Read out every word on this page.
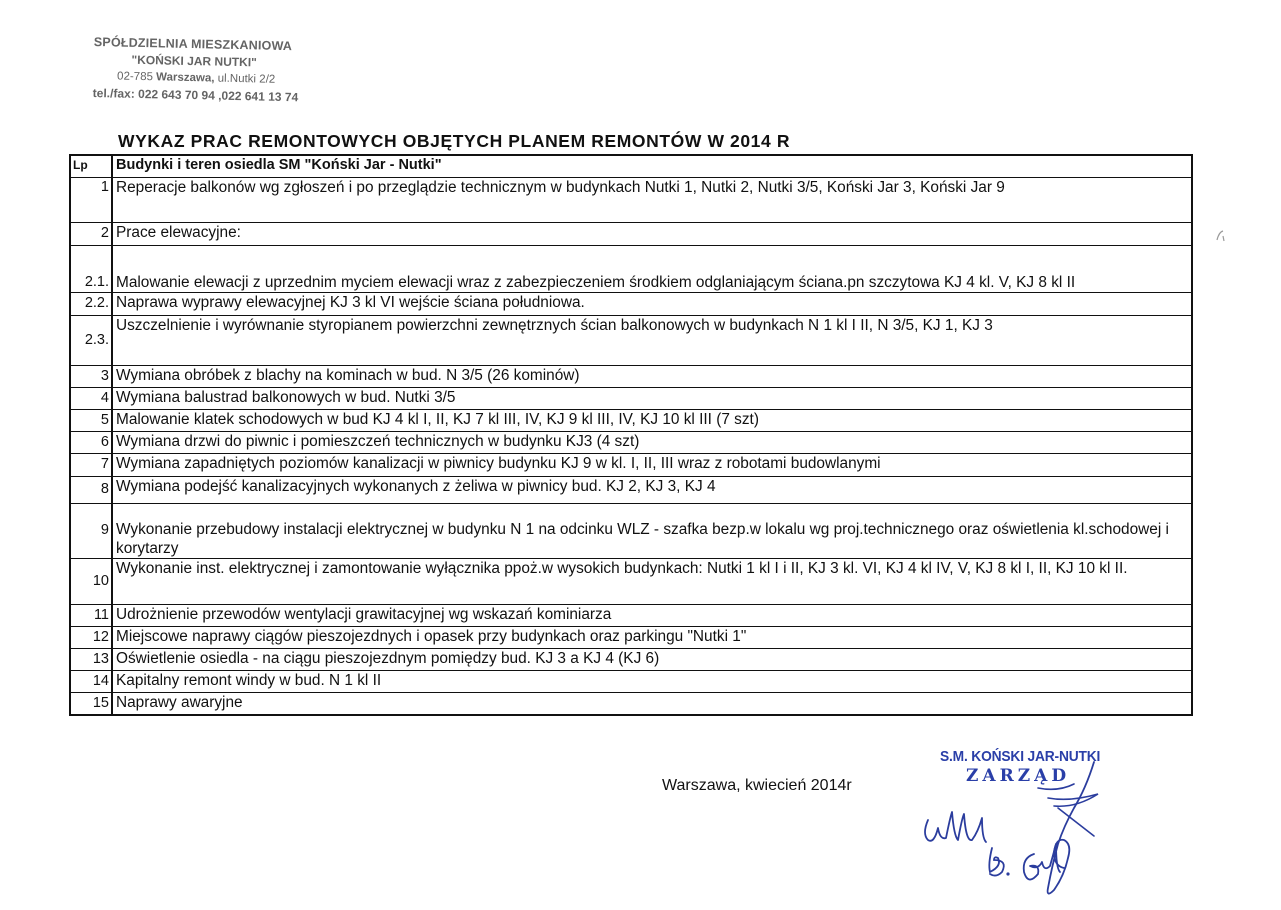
SPÓŁDZIELNIA MIESZKANIOWA
"KOŃSKI JAR NUTKI"
02-785 Warszawa, ul.Nutki 2/2
tel./fax: 022 643 70 94 ,022 641 13 74
WYKAZ PRAC REMONTOWYCH OBJĘTYCH PLANEM REMONTÓW W 2014 R
Lp	Budynki i teren osiedla SM "Koński Jar - Nutki"
1	Reperacje balkonów wg zgłoszeń i po przeglądzie technicznym w budynkach Nutki 1, Nutki 2, Nutki 3/5, Koński Jar 3, Koński Jar 9
2	Prace elewacyjne:
2.1.	Malowanie elewacji z uprzednim myciem elewacji wraz z zabezpieczeniem środkiem odglaniającym ściana.pn szczytowa KJ 4 kl. V, KJ 8 kl II
2.2.	Naprawa wyprawy elewacyjnej KJ 3 kl VI wejście ściana południowa.
2.3.	Uszczelnienie i wyrównanie styropianem powierzchni zewnętrznych ścian balkonowych w budynkach N 1 kl I II, N 3/5, KJ 1, KJ 3
3	Wymiana obróbek z blachy na kominach w bud. N 3/5 (26 kominów)
4	Wymiana balustrad balkonowych w bud. Nutki 3/5
5	Malowanie klatek schodowych w bud KJ 4 kl I, II, KJ 7 kl III, IV, KJ 9 kl III, IV, KJ 10 kl III (7 szt)
6	Wymiana drzwi do piwnic i pomieszczeń technicznych w budynku KJ3 (4 szt)
7	Wymiana zapadniętych poziomów kanalizacji w piwnicy budynku KJ 9 w kl. I, II, III wraz z robotami budowlanymi
8	Wymiana podejść kanalizacyjnych wykonanych z żeliwa w piwnicy bud. KJ 2, KJ 3, KJ 4
9	Wykonanie przebudowy instalacji elektrycznej w budynku N 1 na odcinku WLZ - szafka bezp.w lokalu wg proj.technicznego oraz oświetlenia kl.schodowej i korytarzy
10	Wykonanie inst. elektrycznej i zamontowanie wyłącznika ppoż.w wysokich budynkach: Nutki 1 kl I i II, KJ 3 kl. VI, KJ 4 kl IV, V, KJ 8 kl I, II, KJ 10 kl II.
11	Udrożnienie przewodów wentylacji grawitacyjnej wg wskazań kominiarza
12	Miejscowe naprawy ciągów pieszojezdnych i opasek przy budynkach oraz parkingu "Nutki 1"
13	Oświetlenie osiedla - na ciągu pieszojezdnym pomiędzy bud. KJ 3 a KJ 4 (KJ 6)
14	Kapitalny remont windy w bud. N 1 kl II
15	Naprawy awaryjne
Warszawa, kwiecień 2014r
S.M. KOŃSKI JAR-NUTKI
ZARZĄD
